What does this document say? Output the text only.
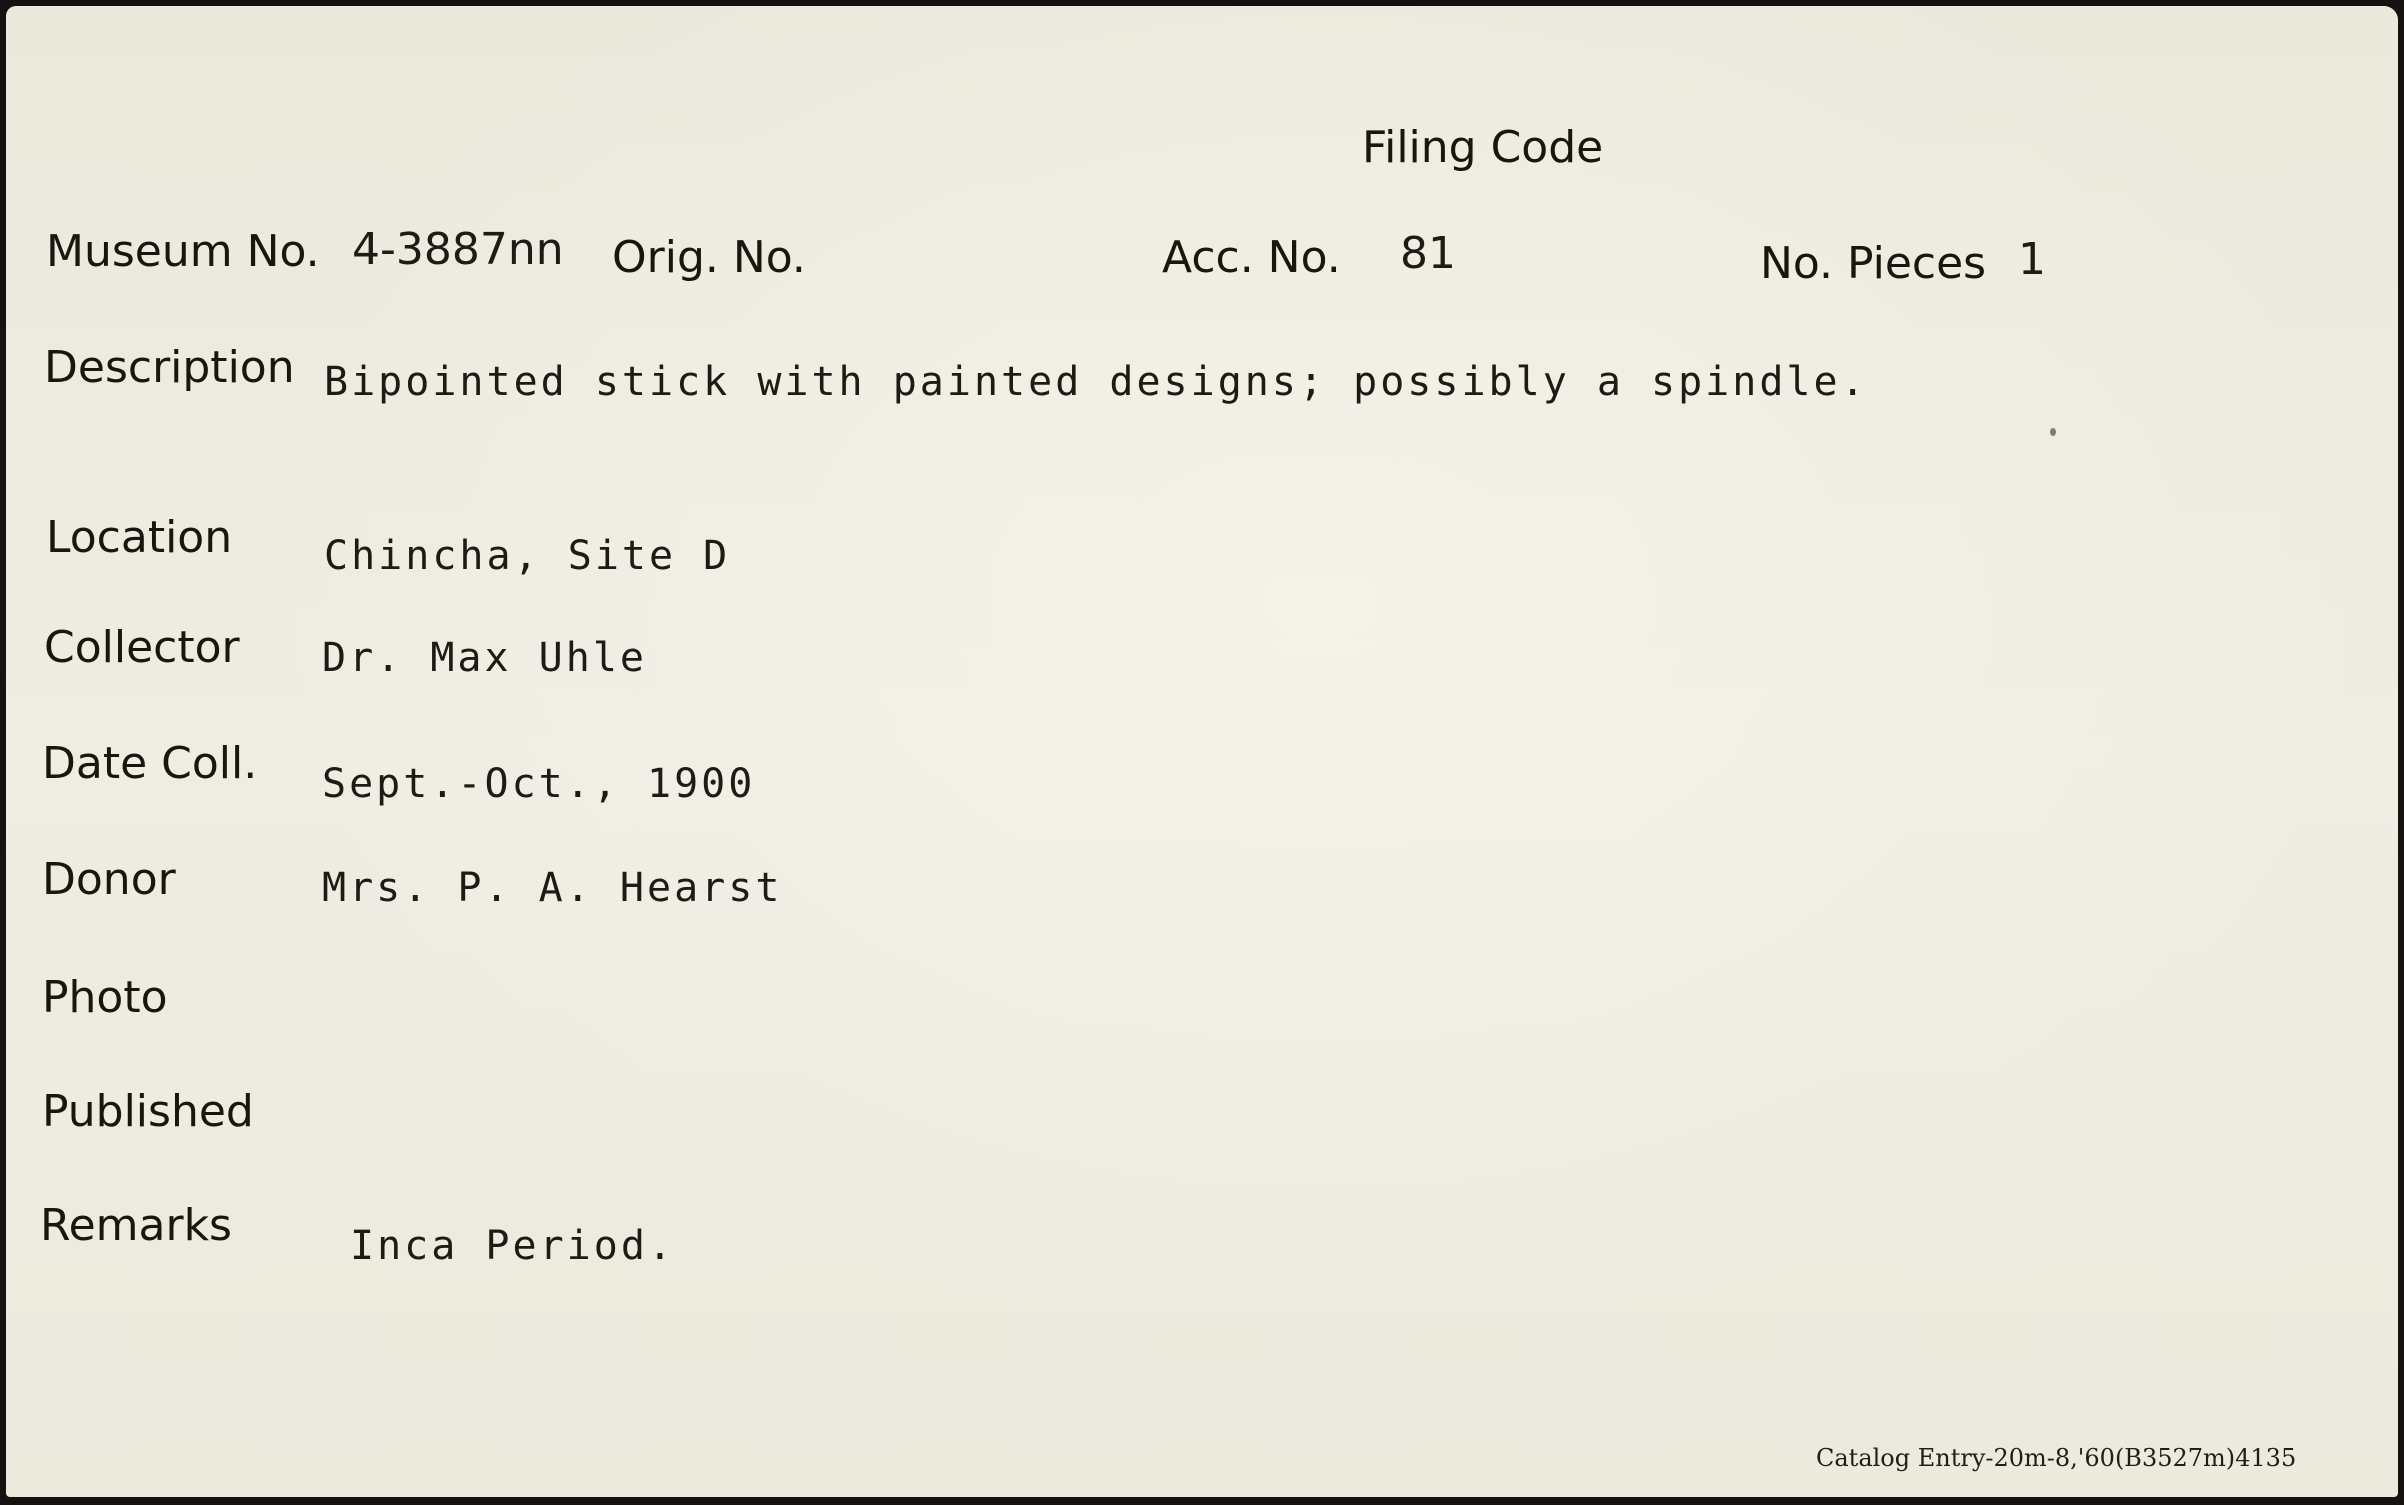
Filing Code
Museum No. 4-3887nn Orig. No.	Acc. No. 81	No. Pieces 1
Description Bipointed stick with painted designs; possibly a spindle.
Location Chincha, Site D
Collector Dr. Max Uhle
Date Coll. Sept.-Oct., 1900
Donor	Mrs. P. A. Hearst
Photo
Published
Remarks	Inca Period.
Catalog Entry-20m-8,'60(B3527m)4135
